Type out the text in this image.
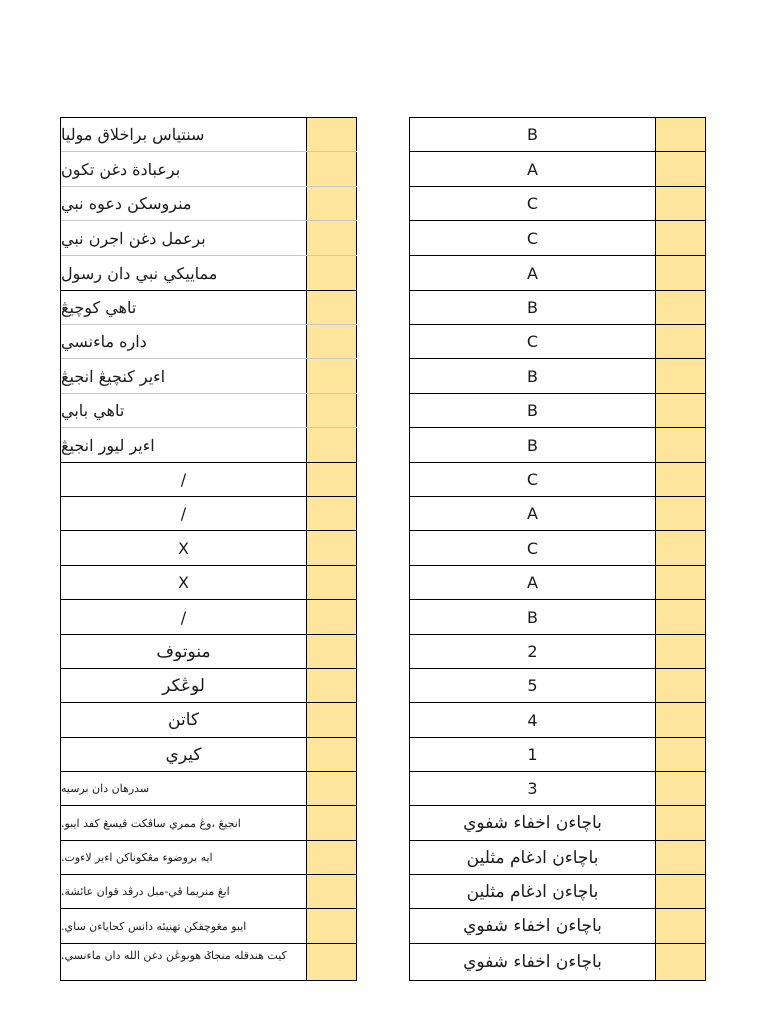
سنتياس براخلاق موليا
برعبادة دغن تكون
منروسكن دعوه نبي
برعمل دغن اجرن نبي
مماييكي نبي دان رسول
تاهي كوچيڠ
داره ماءنسي
اءير كنچيڠ انجيڠ
تاهي بابي
اءير ليور انجيڠ
/
/
X
X
/
منوتوف
لوڠكر
كاتن
كيري
سدرهان دان برسيه
انجيڠ ،وڠ ممري ساڤكت ڤيسڠ كفد ايبو.
ايه بروضوء مڠكوناكن اءير لاءوت.
ابڠ منريما ڤي-مبل درڤد قوان عائشة.
ايبو مڠوچقكن تهنيئه دانس كحاياءن ساي.
كيت هندقله منجاݢ هوبوڠن دغن الله دان ماءنسي.
B
A
C
C
A
B
C
B
B
B
C
A
C
A
B
2
5
4
1
3
باچاءن اخفاء شفوي
باچاءن ادغام مثلين
باچاءن ادغام مثلين
باچاءن اخفاء شفوي
باچاءن اخفاء شفوي
